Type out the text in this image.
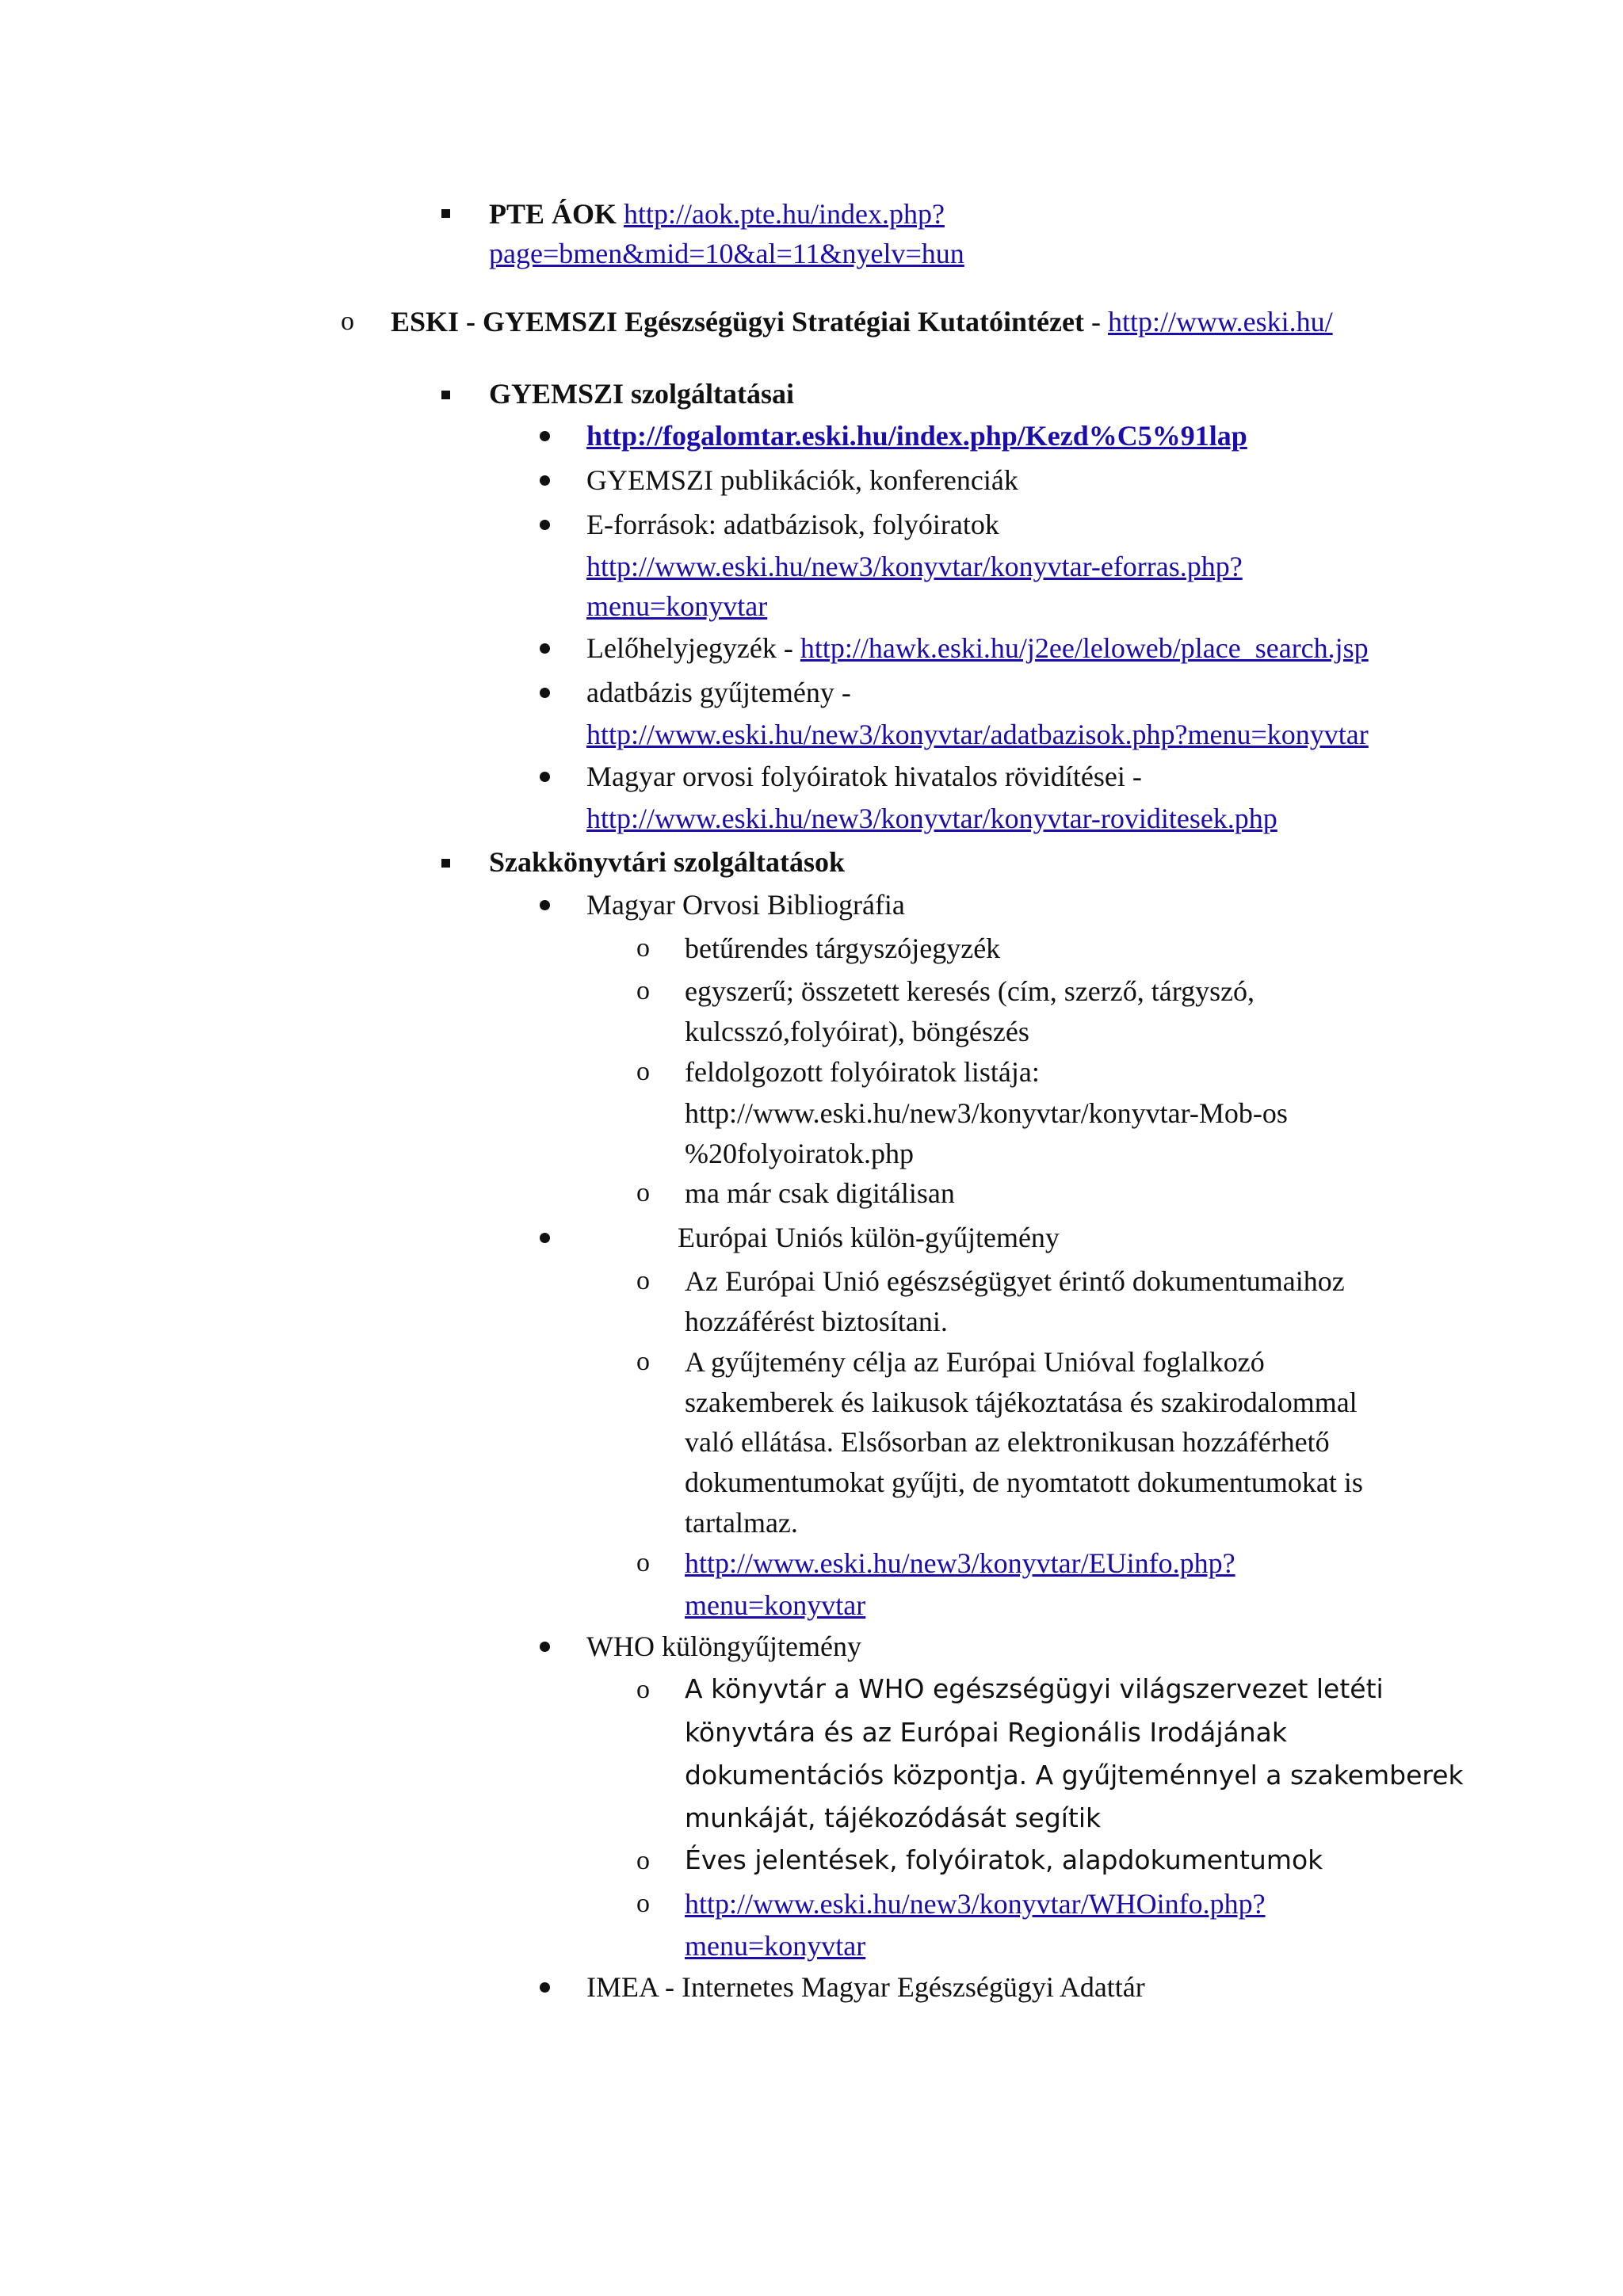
PTE ÁOK http://aok.pte.hu/index.php?
page=bmen&mid=10&al=11&nyelv=hun
o ESKI - GYEMSZI Egészségügyi Stratégiai Kutatóintézet - http://www.eski.hu/
GYEMSZI szolgáltatásai
http://fogalomtar.eski.hu/index.php/Kezd%C5%91lap
GYEMSZI publikációk, konferenciák
E-források: adatbázisok, folyóiratok
http://www.eski.hu/new3/konyvtar/konyvtar-eforras.php?
menu=konyvtar
Lelőhelyjegyzék - http://hawk.eski.hu/j2ee/leloweb/place_search.jsp
adatbázis gyűjtemény -
http://www.eski.hu/new3/konyvtar/adatbazisok.php?menu=konyvtar
Magyar orvosi folyóiratok hivatalos rövidítései -
http://www.eski.hu/new3/konyvtar/konyvtar-roviditesek.php
Szakkönyvtári szolgáltatások
Magyar Orvosi Bibliográfia
o betűrendes tárgyszójegyzék
o egyszerű; összetett keresés (cím, szerző, tárgyszó,
kulcsszó,folyóirat), böngészés
o feldolgozott folyóiratok listája:
http://www.eski.hu/new3/konyvtar/konyvtar-Mob-os
%20folyoiratok.php
o ma már csak digitálisan
Európai Uniós külön-gyűjtemény
o Az Európai Unió egészségügyet érintő dokumentumaihoz
hozzáférést biztosítani.
o A gyűjtemény célja az Európai Unióval foglalkozó
szakemberek és laikusok tájékoztatása és szakirodalommal
való ellátása. Elsősorban az elektronikusan hozzáférhető
dokumentumokat gyűjti, de nyomtatott dokumentumokat is
tartalmaz.
o http://www.eski.hu/new3/konyvtar/EUinfo.php?
menu=konyvtar
WHO különgyűjtemény
o A könyvtár a WHO egészségügyi világszervezet letéti
könyvtára és az Európai Regionális Irodájának
dokumentációs központja. A gyűjteménnyel a szakemberek
munkáját, tájékozódását segítik
o Éves jelentések, folyóiratok, alapdokumentumok
o http://www.eski.hu/new3/konyvtar/WHOinfo.php?
menu=konyvtar
IMEA - Internetes Magyar Egészségügyi Adattár
